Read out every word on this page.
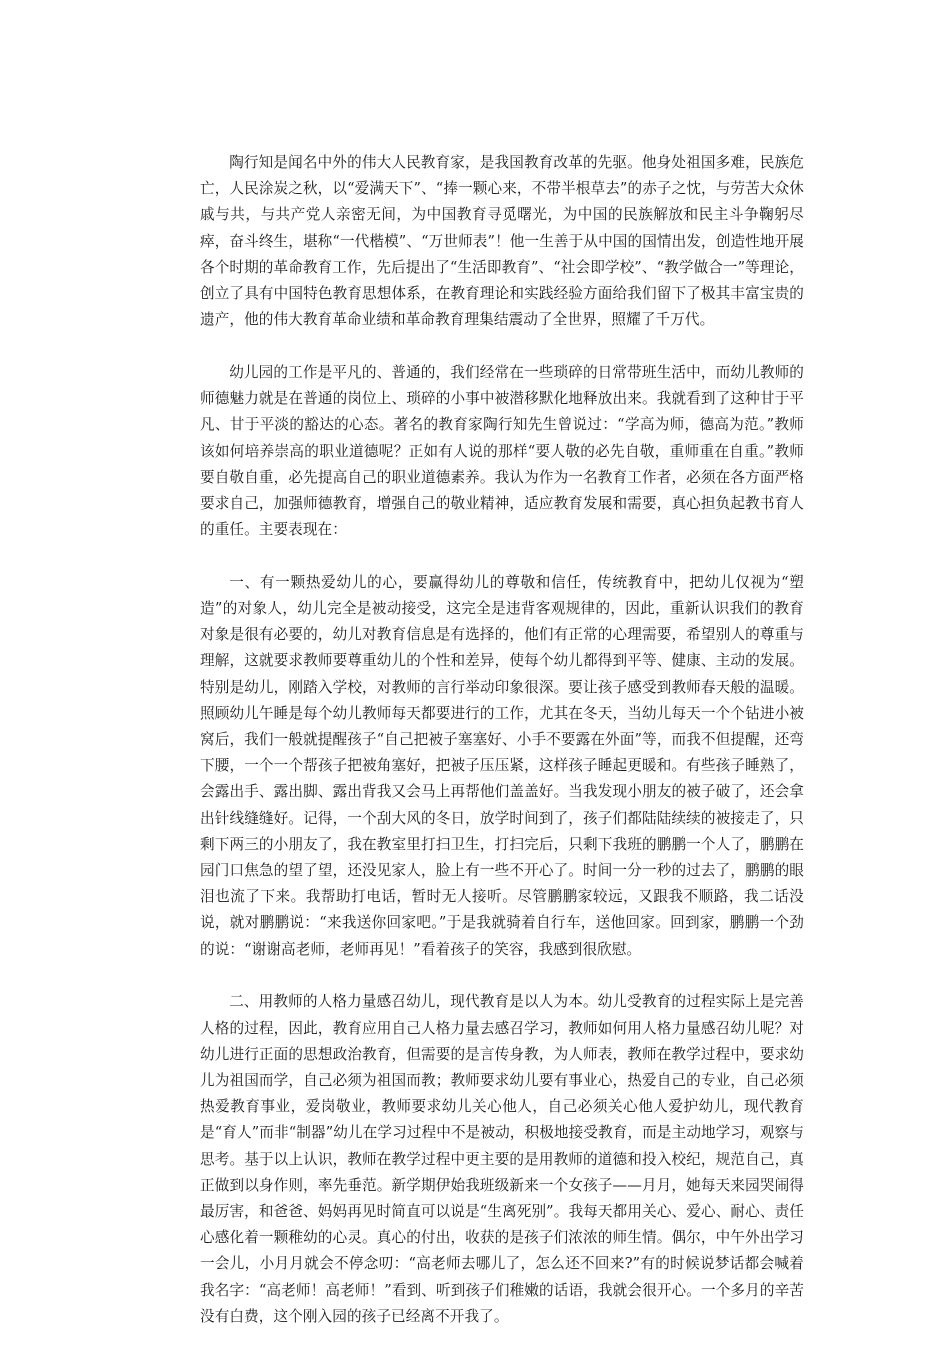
陶行知是闻名中外的伟大人民教育家，是我国教育改革的先驱。他身处祖国多难，民族危亡，人民涂炭之秋，以“爱满天下”、“捧一颗心来，不带半根草去”的赤子之忱，与劳苦大众休戚与共，与共产党人亲密无间，为中国教育寻觅曙光，为中国的民族解放和民主斗争鞠躬尽瘁，奋斗终生，堪称“一代楷模”、“万世师表”！他一生善于从中国的国情出发，创造性地开展各个时期的革命教育工作，先后提出了“生活即教育”、“社会即学校”、“教学做合一”等理论，创立了具有中国特色教育思想体系，在教育理论和实践经验方面给我们留下了极其丰富宝贵的遗产，他的伟大教育革命业绩和革命教育理集结震动了全世界，照耀了千万代。

幼儿园的工作是平凡的、普通的，我们经常在一些琐碎的日常带班生活中，而幼儿教师的师德魅力就是在普通的岗位上、琐碎的小事中被潜移默化地释放出来。我就看到了这种甘于平凡、甘于平淡的豁达的心态。著名的教育家陶行知先生曾说过：“学高为师，德高为范。”教师该如何培养崇高的职业道德呢？正如有人说的那样“要人敬的必先自敬，重师重在自重。”教师要自敬自重，必先提高自己的职业道德素养。我认为作为一名教育工作者，必须在各方面严格要求自己，加强师德教育，增强自己的敬业精神，适应教育发展和需要，真心担负起教书育人的重任。主要表现在：

一、有一颗热爱幼儿的心，要赢得幼儿的尊敬和信任，传统教育中，把幼儿仅视为“塑造”的对象人，幼儿完全是被动接受，这完全是违背客观规律的，因此，重新认识我们的教育对象是很有必要的，幼儿对教育信息是有选择的，他们有正常的心理需要，希望别人的尊重与理解，这就要求教师要尊重幼儿的个性和差异，使每个幼儿都得到平等、健康、主动的发展。特别是幼儿，刚踏入学校，对教师的言行举动印象很深。要让孩子感受到教师春天般的温暖。照顾幼儿午睡是每个幼儿教师每天都要进行的工作，尤其在冬天，当幼儿每天一个个钻进小被窝后，我们一般就提醒孩子“自己把被子塞塞好、小手不要露在外面”等，而我不但提醒，还弯下腰，一个一个帮孩子把被角塞好，把被子压压紧，这样孩子睡起更暖和。有些孩子睡熟了，会露出手、露出脚、露出背我又会马上再帮他们盖盖好。当我发现小朋友的被子破了，还会拿出针线缝缝好。记得，一个刮大风的冬日，放学时间到了，孩子们都陆陆续续的被接走了，只剩下两三的小朋友了，我在教室里打扫卫生，打扫完后，只剩下我班的鹏鹏一个人了，鹏鹏在园门口焦急的望了望，还没见家人，脸上有一些不开心了。时间一分一秒的过去了，鹏鹏的眼泪也流了下来。我帮助打电话，暂时无人接听。尽管鹏鹏家较远，又跟我不顺路，我二话没说，就对鹏鹏说：“来我送你回家吧。”于是我就骑着自行车，送他回家。回到家，鹏鹏一个劲的说：“谢谢高老师，老师再见！”看着孩子的笑容，我感到很欣慰。

二、用教师的人格力量感召幼儿，现代教育是以人为本。幼儿受教育的过程实际上是完善人格的过程，因此，教育应用自己人格力量去感召学习，教师如何用人格力量感召幼儿呢？对幼儿进行正面的思想政治教育，但需要的是言传身教，为人师表，教师在教学过程中，要求幼儿为祖国而学，自己必须为祖国而教；教师要求幼儿要有事业心，热爱自己的专业，自己必须热爱教育事业，爱岗敬业，教师要求幼儿关心他人，自己必须关心他人爱护幼儿，现代教育是“育人”而非“制器”幼儿在学习过程中不是被动，积极地接受教育，而是主动地学习，观察与思考。基于以上认识，教师在教学过程中更主要的是用教师的道德和投入校纪，规范自己，真正做到以身作则，率先垂范。新学期伊始我班级新来一个女孩子——月月，她每天来园哭闹得最厉害，和爸爸、妈妈再见时简直可以说是“生离死别”。我每天都用关心、爱心、耐心、责任心感化着一颗稚幼的心灵。真心的付出，收获的是孩子们浓浓的师生情。偶尔，中午外出学习一会儿，小月月就会不停念叨：“高老师去哪儿了，怎么还不回来?”有的时候说梦话都会喊着我名字：“高老师！高老师！”看到、听到孩子们稚嫩的话语，我就会很开心。一个多月的辛苦没有白费，这个刚入园的孩子已经离不开我了。
